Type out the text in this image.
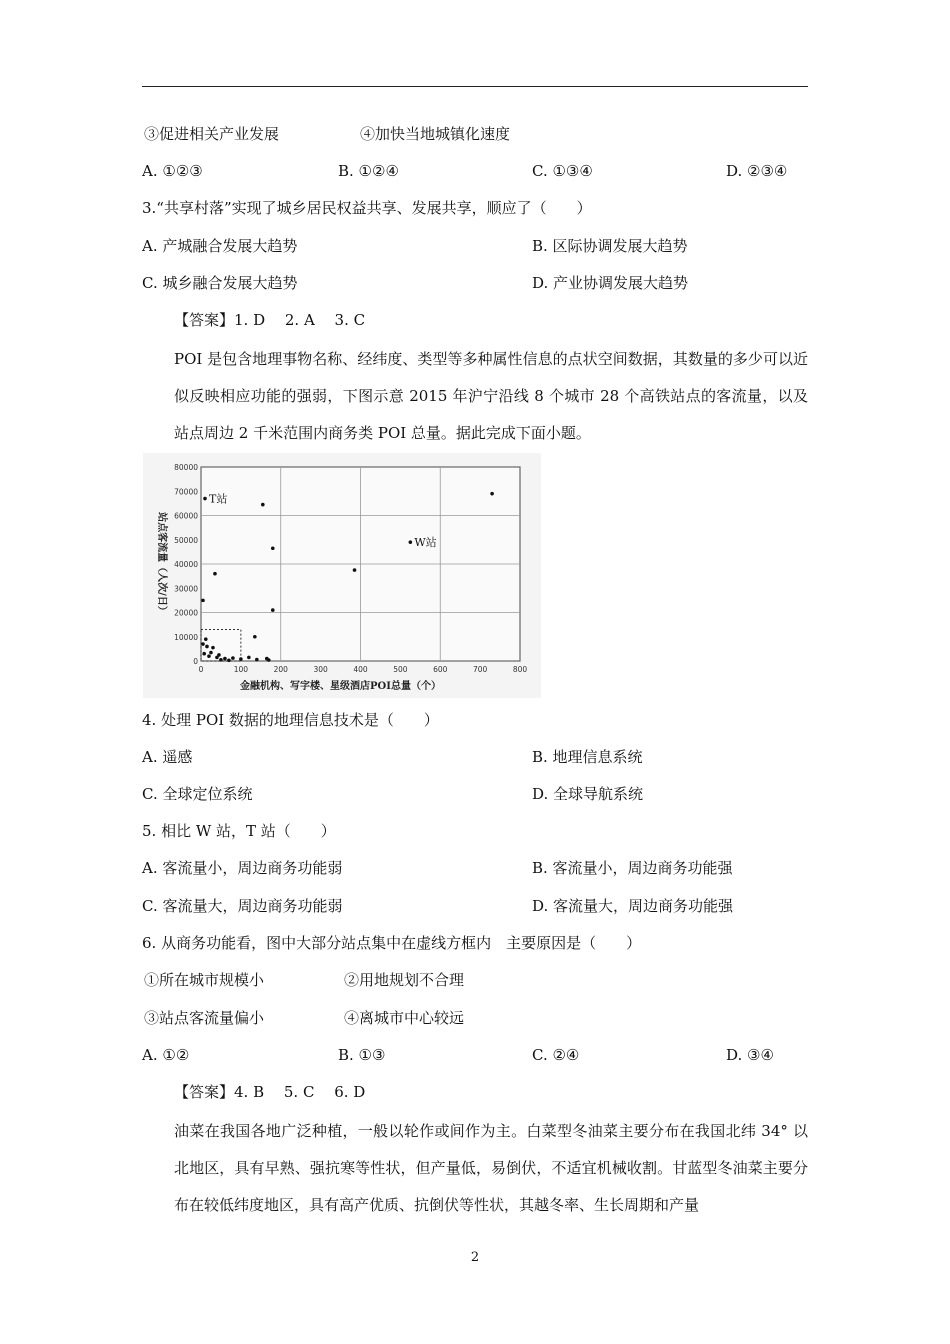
③促进相关产业发展	④加快当地城镇化速度
A. ①②③	B. ①②④	C. ①③④	D. ②③④
3.“共享村落”实现了城乡居民权益共享、发展共享，顺应了（　　）
A. 产城融合发展大趋势	B. 区际协调发展大趋势
C. 城乡融合发展大趋势	D. 产业协调发展大趋势
【答案】1. D　 2. A　 3. C
POI 是包含地理事物名称、经纬度、类型等多种属性信息的点状空间数据，其数量的多少可以近似反映相应功能的强弱，下图示意 2015 年沪宁沿线 8 个城市 28 个高铁站点的客流量，以及站点周边 2 千米范围内商务类 POI 总量。据此完成下面小题。
0	100	200	300	400	500	600	700	800
0
10000
20000
30000
40000
50000
60000
70000
80000
金融机构、写字楼、星级酒店POI总量（个）
站点客流量（人次/日）
T站
W站
4. 处理 POI 数据的地理信息技术是（　　）
A. 遥感	B. 地理信息系统
C. 全球定位系统	D. 全球导航系统
5. 相比 W 站，T 站（　　）
A. 客流量小，周边商务功能弱	B. 客流量小，周边商务功能强
C. 客流量大，周边商务功能弱	D. 客流量大，周边商务功能强
6. 从商务功能看，图中大部分站点集中在虚线方框内　主要原因是（　　）
①所在城市规模小	②用地规划不合理
③站点客流量偏小	④离城市中心较远
A. ①②	B. ①③	C. ②④	D. ③④
【答案】4. B　 5. C　 6. D
油菜在我国各地广泛种植，一般以轮作或间作为主。白菜型冬油菜主要分布在我国北纬 34° 以北地区，具有早熟、强抗寒等性状，但产量低，易倒伏，不适宜机械收割。甘蓝型冬油菜主要分布在较低纬度地区，具有高产优质、抗倒伏等性状，其越冬率、生长周期和产量
2
